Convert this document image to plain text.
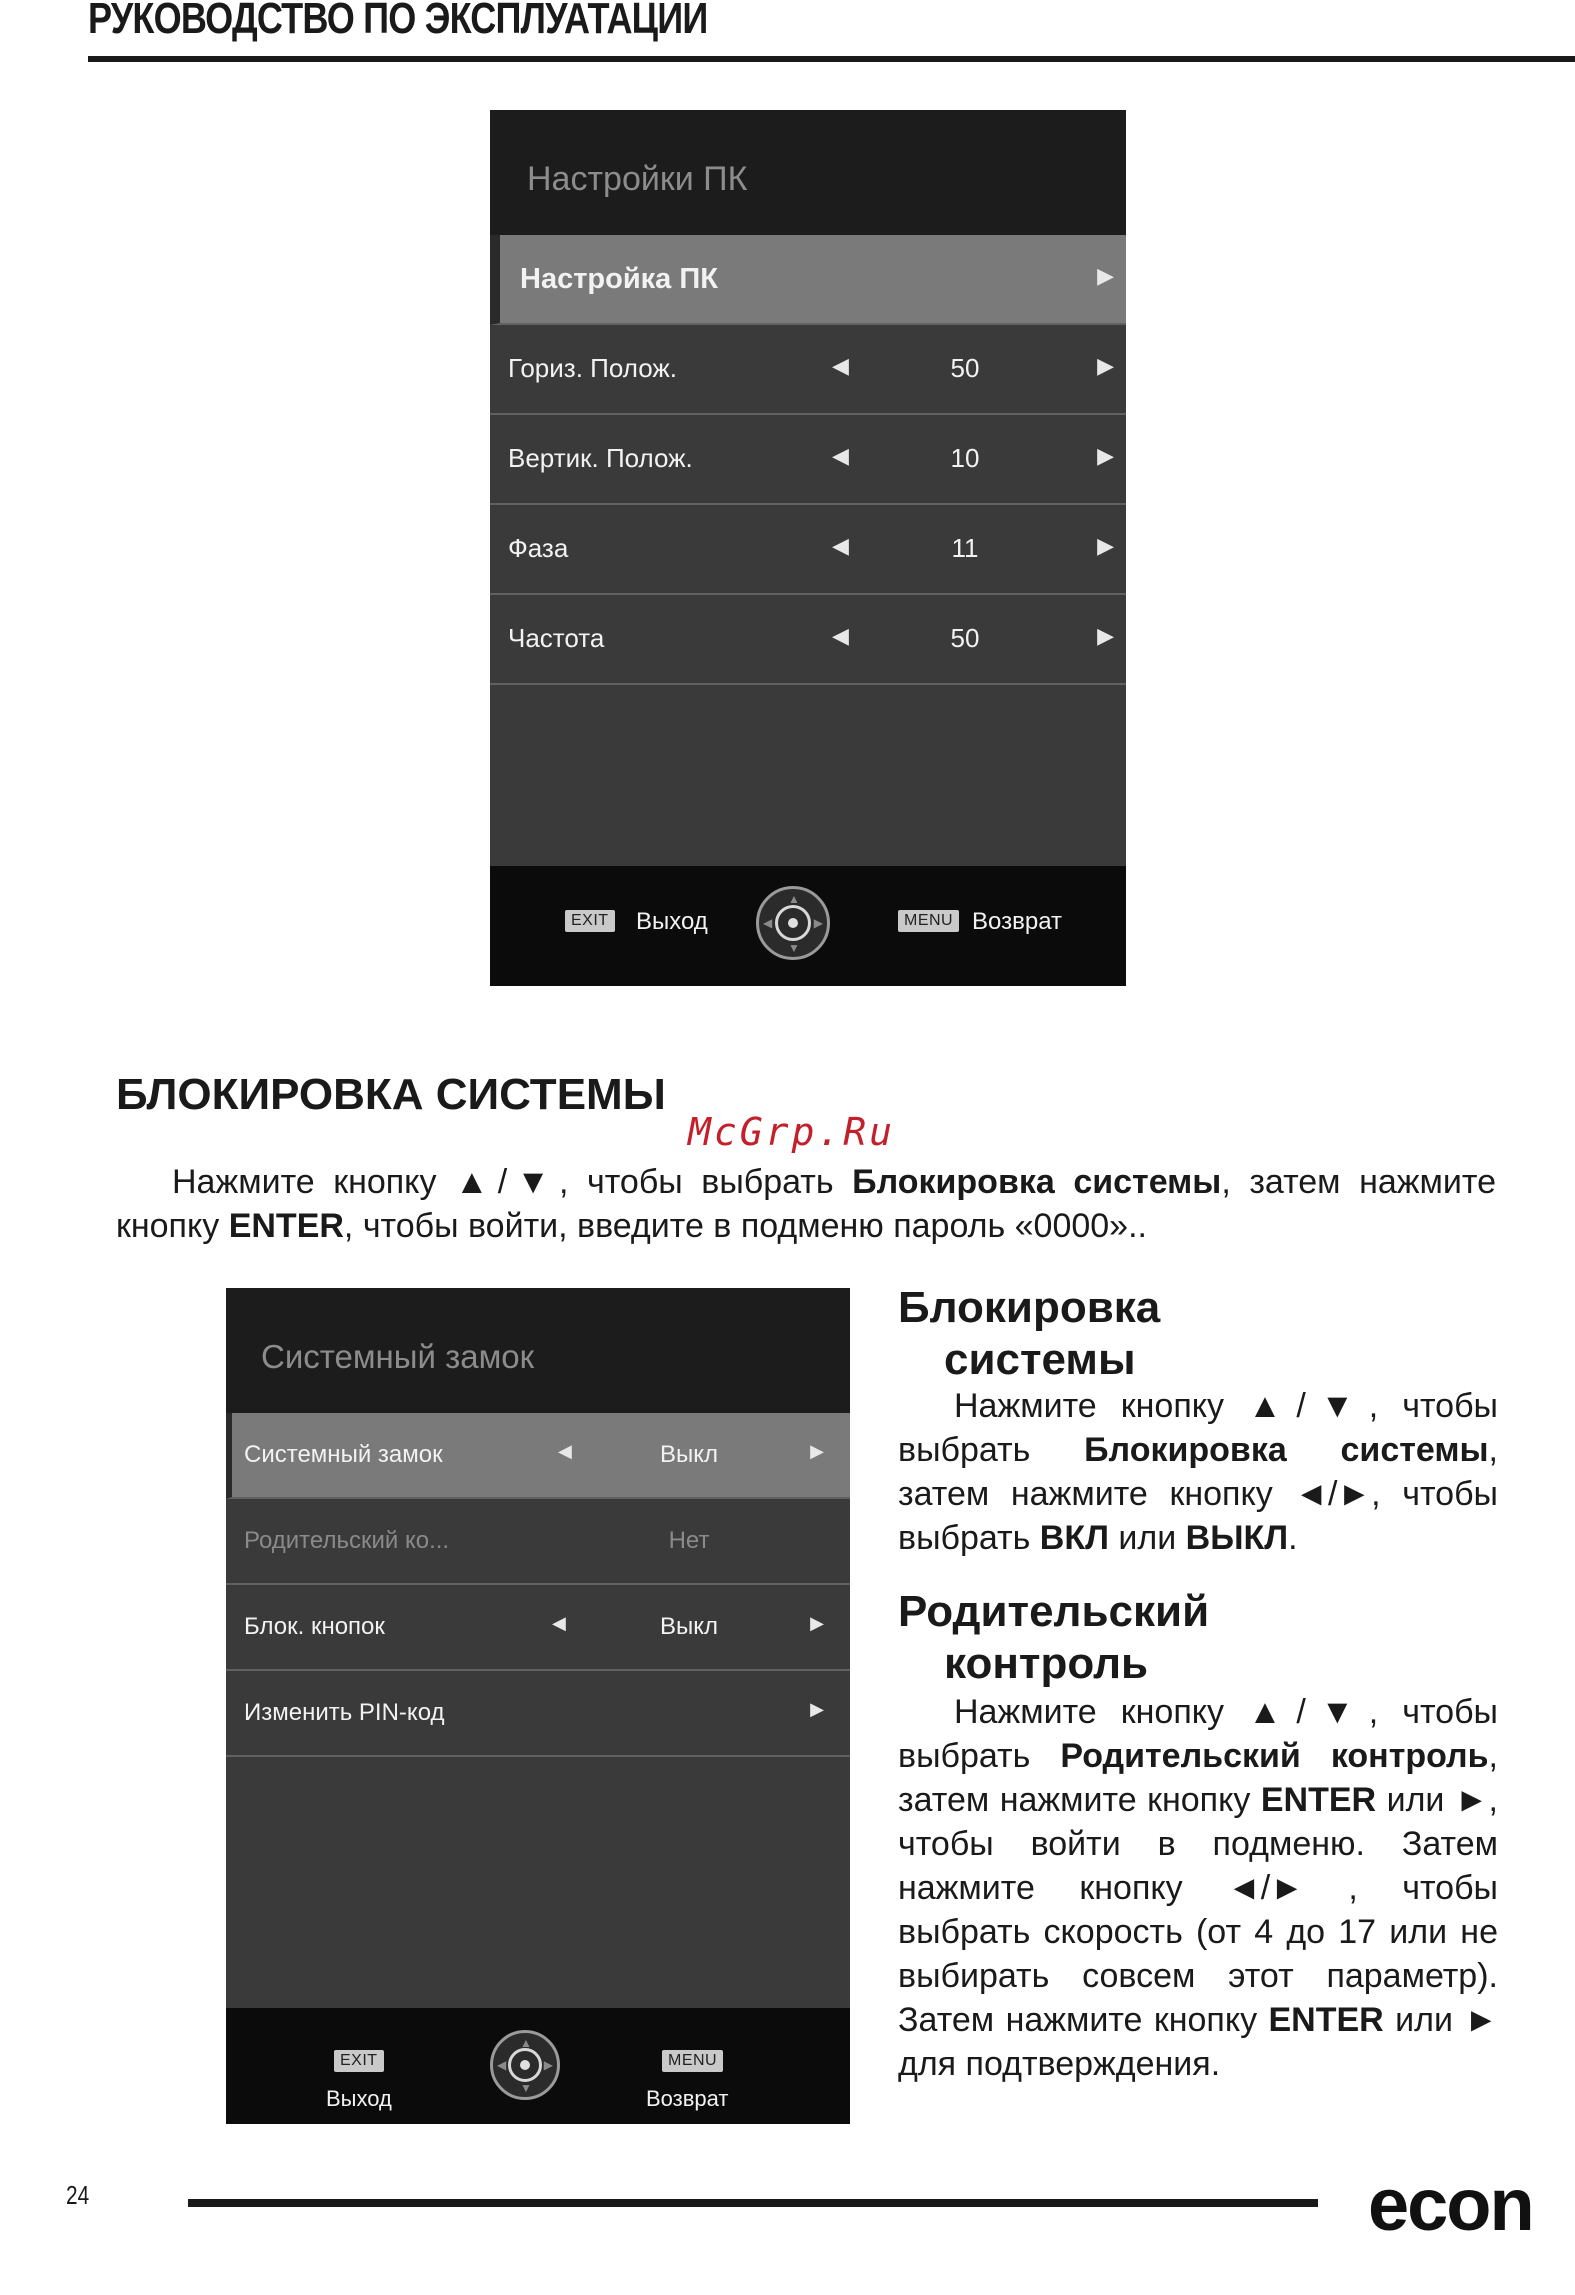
РУКОВОДСТВО ПО ЭКСПЛУАТАЦИИ
Настройки ПК
Настройка ПК	▶
Гориз. Полож.	◀	50	▶
Вертик. Полож.	◀	10	▶
Фаза	◀	11	▶
Частота	◀	50	▶
EXIT Выход
▲
▼
◀	▶	MENU Возврат
БЛОКИРОВКА СИСТЕМЫ
McGrp.Ru
Нажмите кнопку ▲/▼, чтобы выбрать Блокировка системы, затем нажмите кнопку ENTER, чтобы войти, введите в подменю пароль «0000»..
Системный замок
Системный замок	◀	Выкл	▶
Родительский ко...	Нет
Блок. кнопок	◀	Выкл	▶
Изменить PIN-код	▶
EXIT
Выход
▲
▼
◀	▶	MENU
Возврат
Блокировка
системы
Нажмите кнопку ▲/▼, чтобы выбрать Блокировка системы, затем нажмите кнопку ◄/►, чтобы выбрать ВКЛ или ВЫКЛ.
Родительский
контроль
Нажмите кнопку ▲/▼, чтобы выбрать Родительский контроль, затем нажмите кнопку ENTER или ►, чтобы войти в подменю. Затем нажмите кнопку ◄/► , чтобы выбрать скорость (от 4 до 17 или не выбирать совсем этот параметр). Затем нажмите кнопку ENTER или ► для подтверждения.
24	econ
